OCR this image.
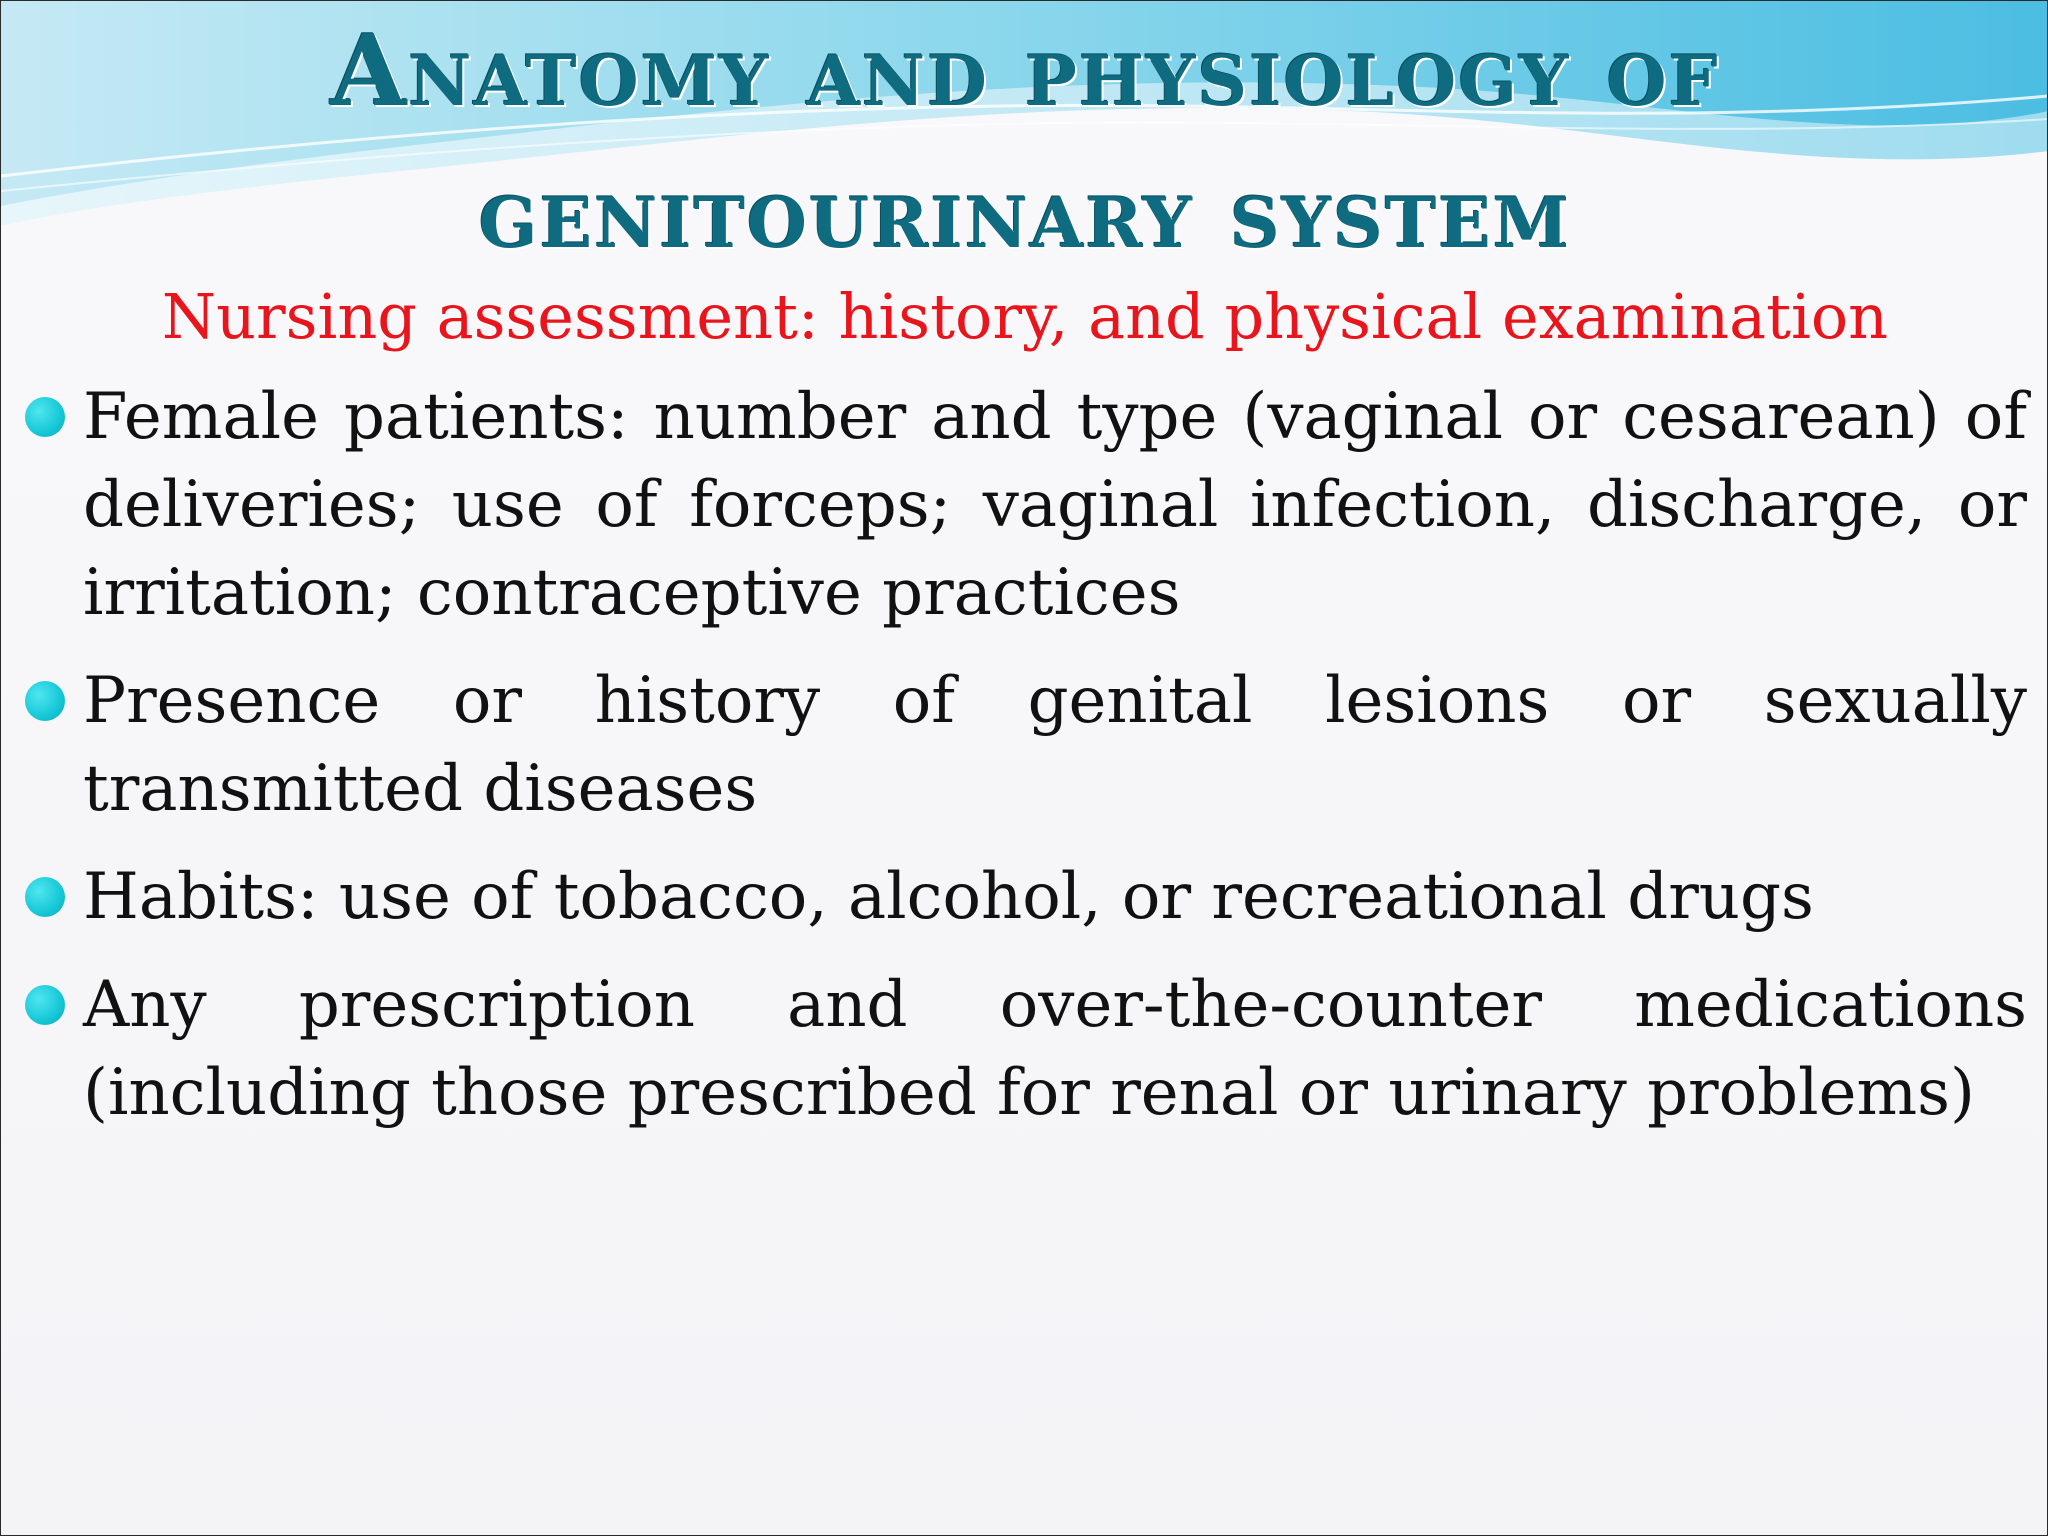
Anatomy and physiology of
genitourinary system
Nursing assessment: history, and physical examination
Female patients: number and type (vaginal or cesarean) of deliveries; use of forceps; vaginal infection, discharge, or irritation; contraceptive practices
Presence or history of genital lesions or sexually transmitted diseases
Habits: use of tobacco, alcohol, or recreational drugs
Any prescription and over-the-counter medications (including those prescribed for renal or urinary problems)
